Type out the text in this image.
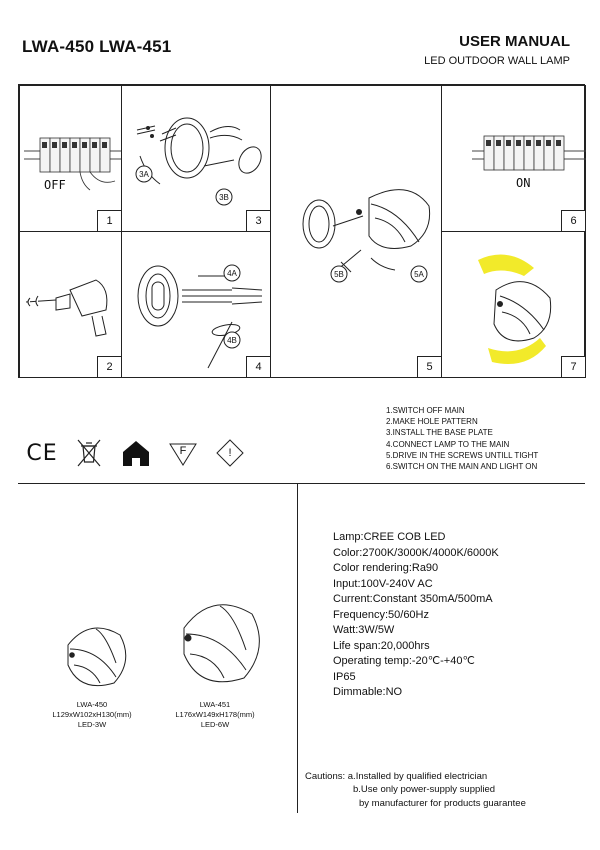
LWA-450 LWA-451	USER MANUAL
LED OUTDOOR WALL LAMP
OFF
1
3A
3B
3
5B	5A
5
ON
6
2
4A
4B
4	7
1.SWITCH OFF MAIN
2.MAKE HOLE PATTERN
3.INSTALL THE BASE PLATE
4.CONNECT LAMP TO THE MAIN
5.DRIVE IN THE SCREWS UNTILL TIGHT
6.SWITCH ON THE MAIN AND LIGHT ON
CE	F	!
LWA-450
L129xW102xH130(mm)
LED-3W
LWA-451
L176xW149xH178(mm)
LED-6W
Lamp:CREE COB LED
Color:2700K/3000K/4000K/6000K
Color rendering:Ra90
Input:100V-240V AC
Current:Constant 350mA/500mA
Frequency:50/60Hz
Watt:3W/5W
Life span:20,000hrs
Operating temp:-20℃-+40℃
IP65
Dimmable:NO
Cautions: a.Installed by qualified electrician
b.Use only power-supply supplied
by manufacturer for products guarantee
